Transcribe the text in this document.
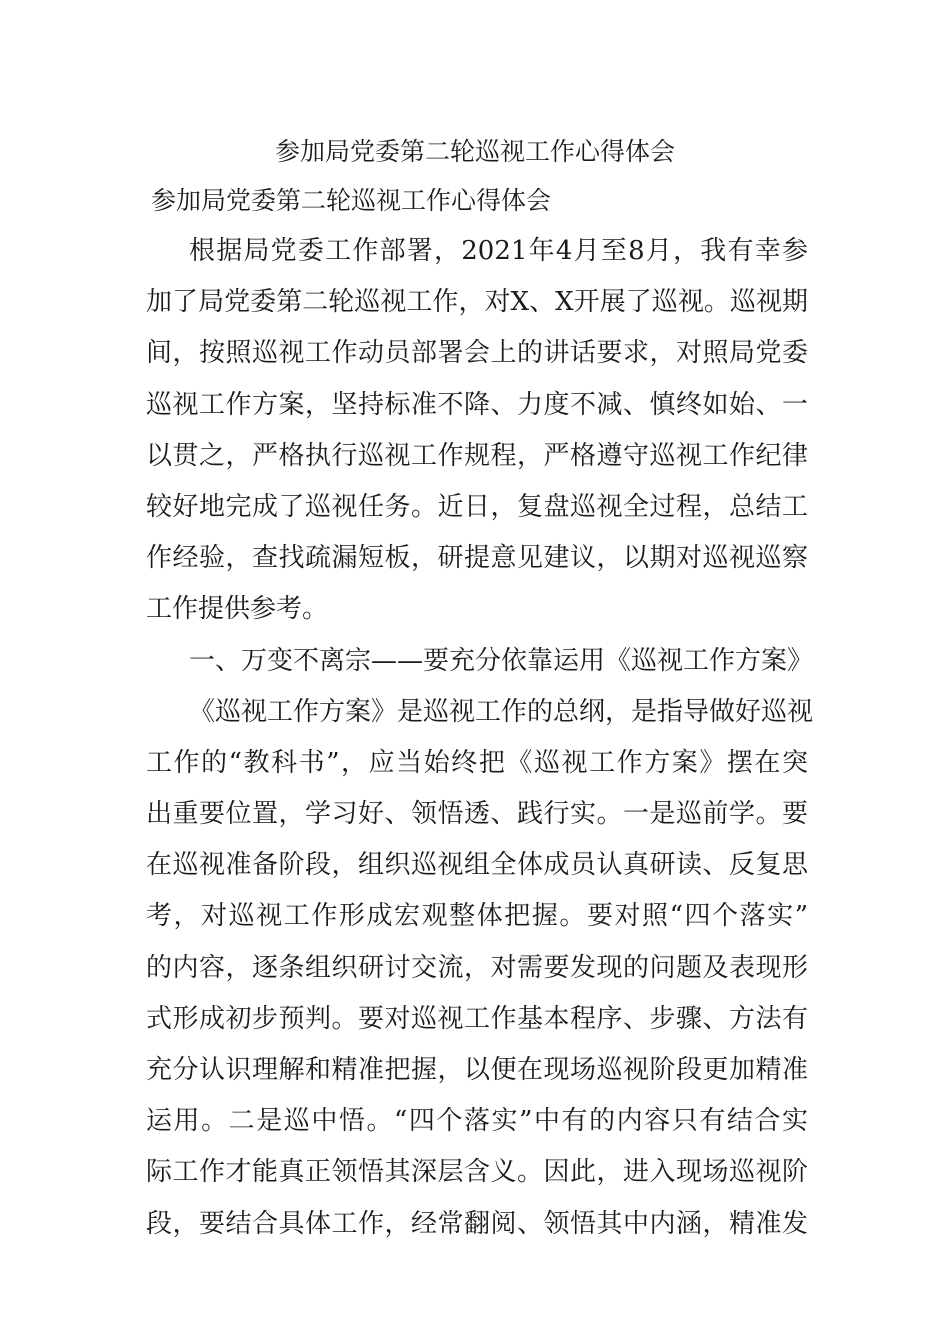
参加局党委第二轮巡视工作心得体会

参加局党委第二轮巡视工作心得体会

根据局党委工作部署，2021年4月至8月，我有幸参
加了局党委第二轮巡视工作，对X、X开展了巡视。巡视期
间，按照巡视工作动员部署会上的讲话要求，对照局党委
巡视工作方案，坚持标准不降、力度不减、慎终如始、一
以贯之，严格执行巡视工作规程，严格遵守巡视工作纪律
较好地完成了巡视任务。近日，复盘巡视全过程，总结工
作经验，查找疏漏短板，研提意见建议，以期对巡视巡察
工作提供参考。
一、万变不离宗——要充分依靠运用《巡视工作方案》
《巡视工作方案》是巡视工作的总纲，是指导做好巡视
工作的“教科书”，应当始终把《巡视工作方案》摆在突
出重要位置，学习好、领悟透、践行实。一是巡前学。要
在巡视准备阶段，组织巡视组全体成员认真研读、反复思
考，对巡视工作形成宏观整体把握。要对照“四个落实”
的内容，逐条组织研讨交流，对需要发现的问题及表现形
式形成初步预判。要对巡视工作基本程序、步骤、方法有
充分认识理解和精准把握，以便在现场巡视阶段更加精准
运用。二是巡中悟。“四个落实”中有的内容只有结合实
际工作才能真正领悟其深层含义。因此，进入现场巡视阶
段，要结合具体工作，经常翻阅、领悟其中内涵，精准发
